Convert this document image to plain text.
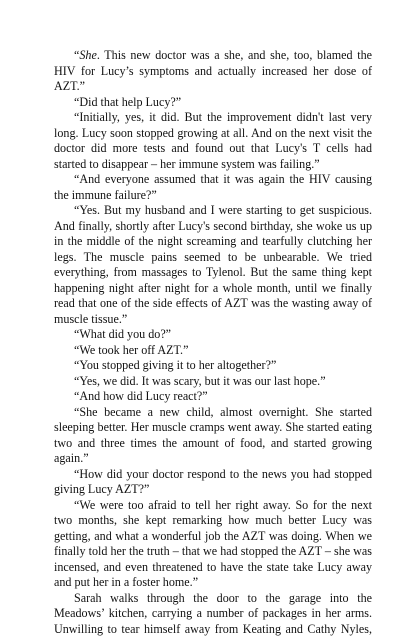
“She. This new doctor was a she, and she, too, blamed the HIV for Lucy’s symptoms and actually increased her dose of AZT.”

“Did that help Lucy?”

“Initially, yes, it did. But the improvement didn't last very long. Lucy soon stopped growing at all. And on the next visit the doctor did more tests and found out that Lucy's T cells had started to disappear – her immune system was failing.”

“And everyone assumed that it was again the HIV causing the immune failure?”

“Yes. But my husband and I were starting to get suspicious. And finally, shortly after Lucy's second birthday, she woke us up in the middle of the night screaming and tearfully clutching her legs. The muscle pains seemed to be unbearable. We tried everything, from massages to Tylenol. But the same thing kept happening night after night for a whole month, until we finally read that one of the side effects of AZT was the wasting away of muscle tissue.”

“What did you do?”

“We took her off AZT.”

“You stopped giving it to her altogether?”

“Yes, we did. It was scary, but it was our last hope.”

“And how did Lucy react?”

“She became a new child, almost overnight. She started sleeping better. Her muscle cramps went away. She started eating two and three times the amount of food, and started growing again.”

“How did your doctor respond to the news you had stopped giving Lucy AZT?”

“We were too afraid to tell her right away. So for the next two months, she kept remarking how much better Lucy was getting, and what a wonderful job the AZT was doing. When we finally told her the truth – that we had stopped the AZT – she was incensed, and even threatened to have the state take Lucy away and put her in a foster home.”

Sarah walks through the door to the garage into the Meadows’ kitchen, carrying a number of packages in her arms. Unwilling to tear himself away from Keating and Cathy Nyles,
